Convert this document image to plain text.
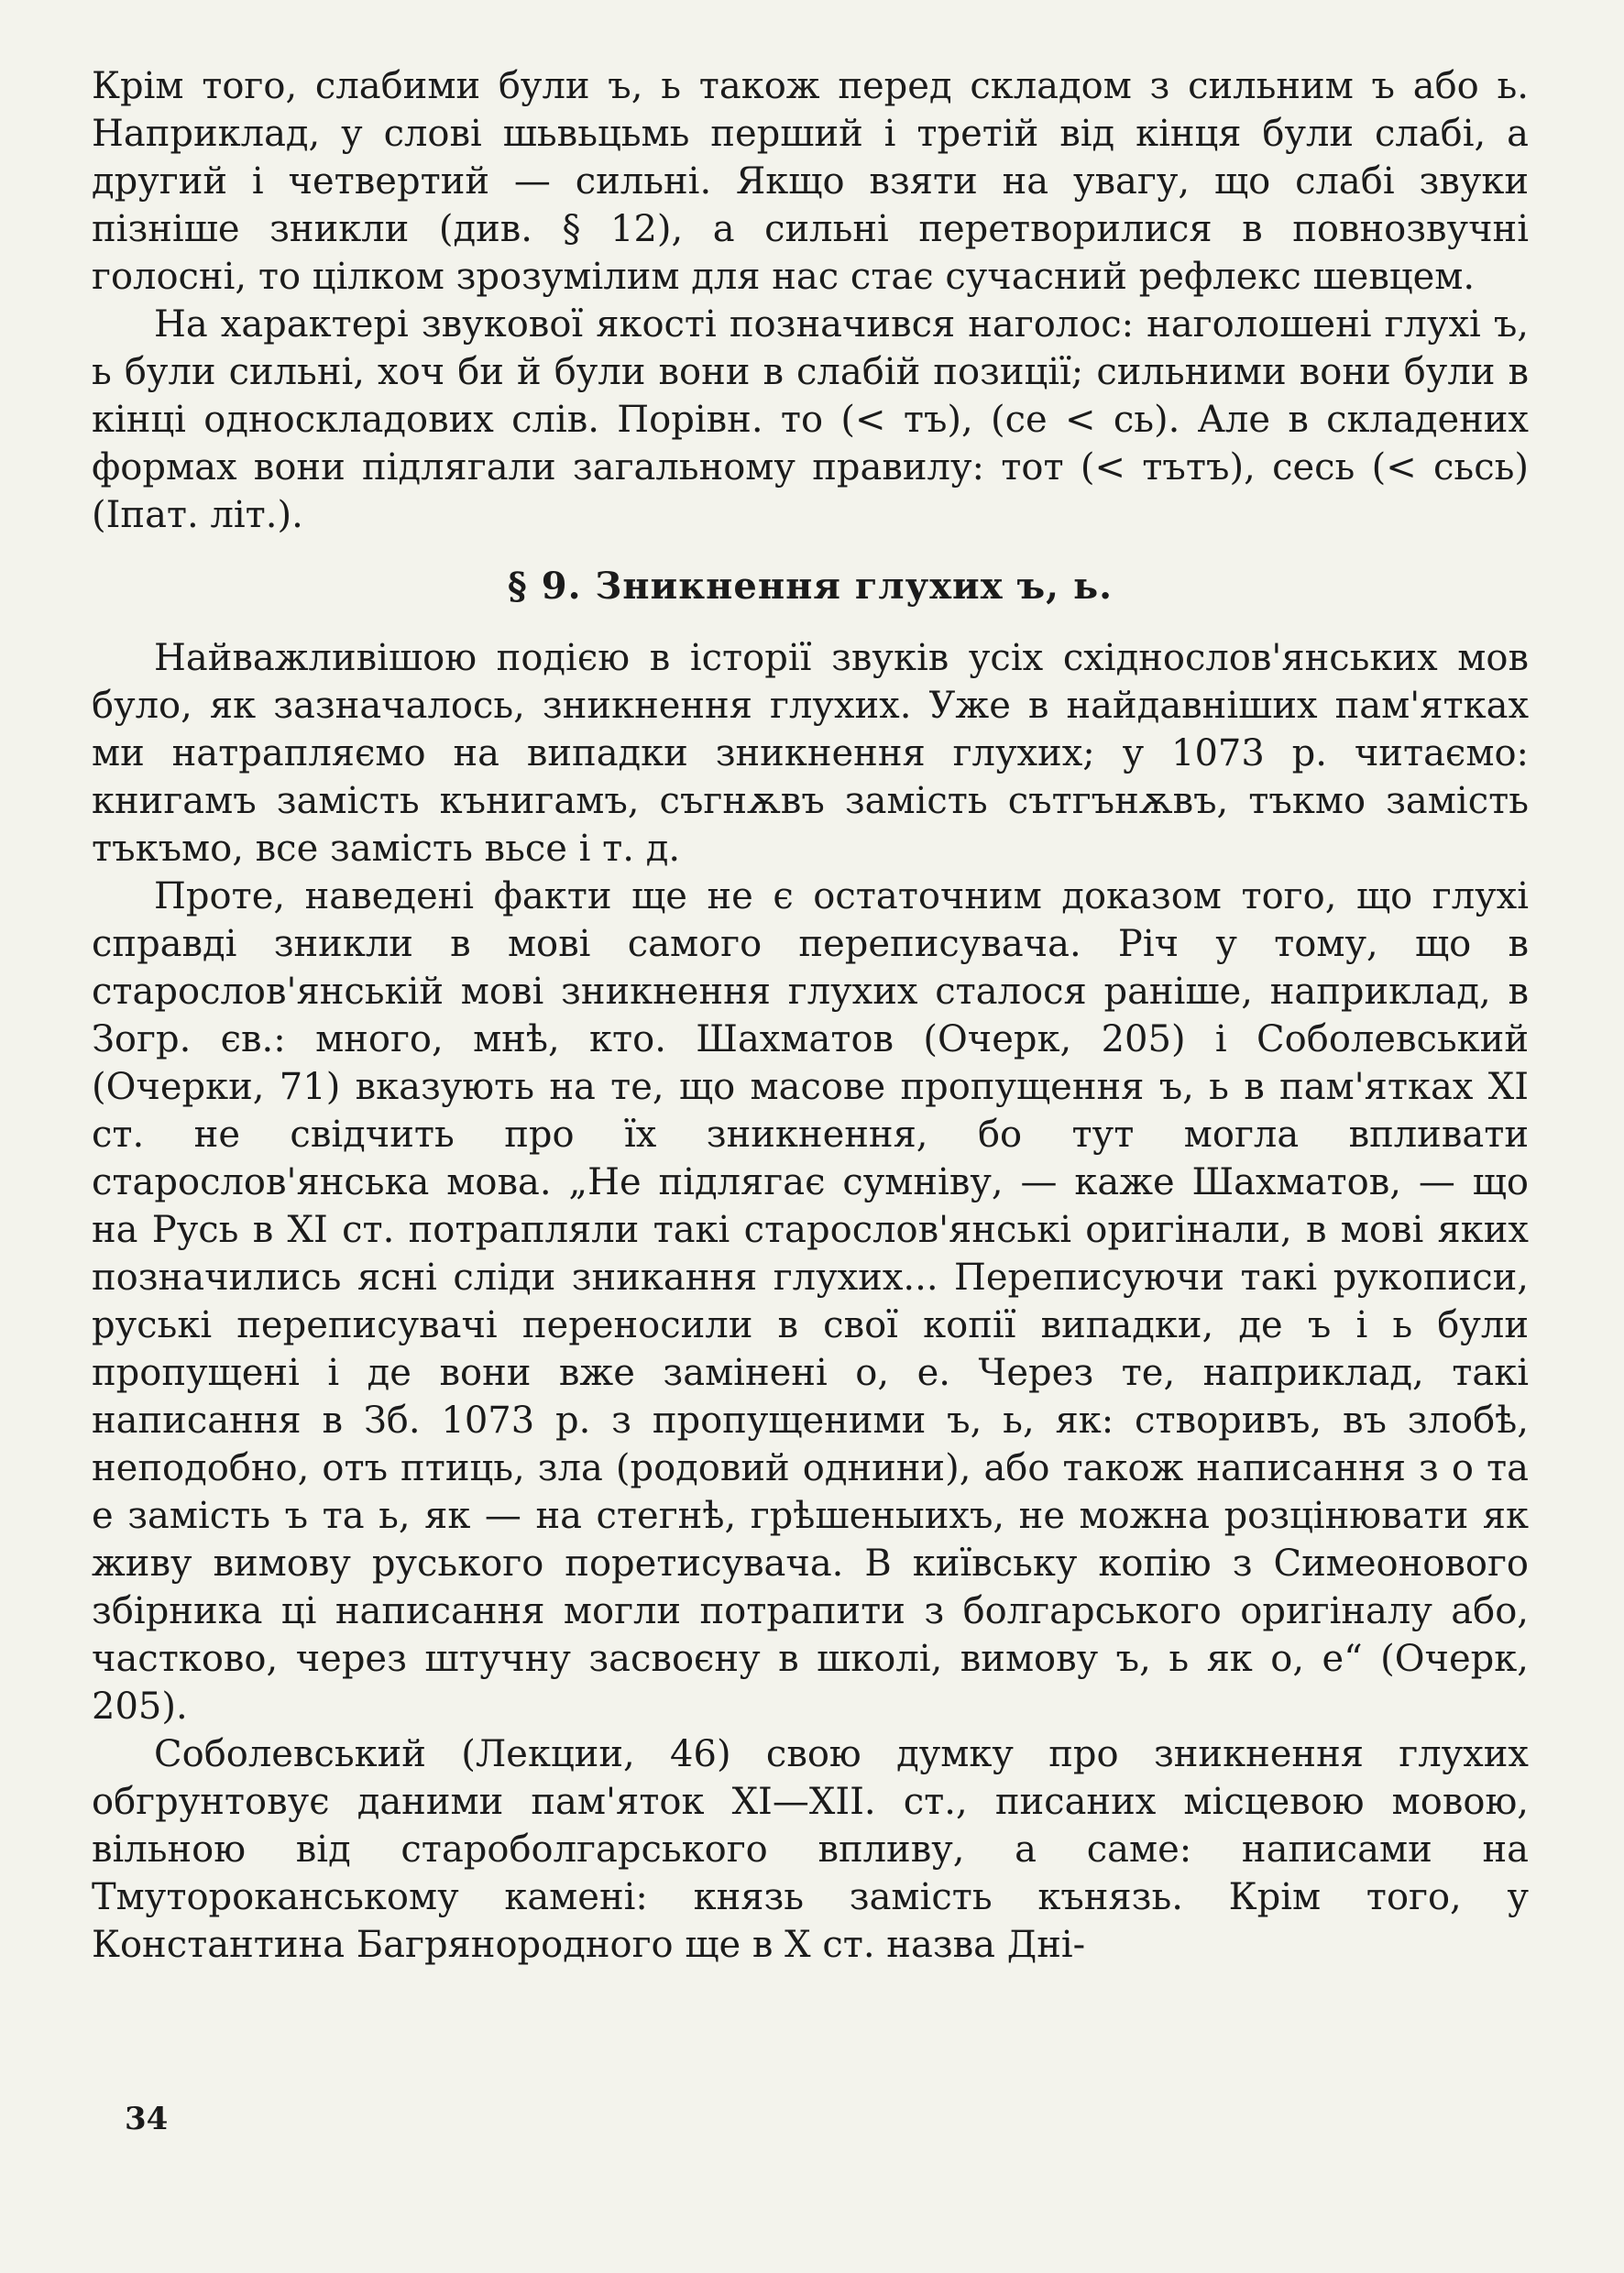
Крім того, слабими були ъ, ь також перед складом з сильним ъ або ь. Наприклад, у слові шьвьцьмь перший і третій від кінця були слабі, а другий і четвертий — сильні. Якщо взяти на увагу, що слабі звуки пізніше зникли (див. § 12), а сильні перетворилися в повнозвучні голосні, то цілком зрозумілим для нас стає сучасний рефлекс шевцем.

На характері звукової якості позначився наголос: наголошені глухі ъ, ь були сильні, хоч би й були вони в слабій позиції; сильними вони були в кінці односкладових слів. Порівн. то (< тъ), (се < сь). Але в складених формах вони підлягали загальному правилу: тот (< тътъ), сесь (< сьсь) (Іпат. літ.).

§ 9. Зникнення глухих ъ, ь.

Найважливішою подією в історії звуків усіх східнослов'янських мов було, як зазначалось, зникнення глухих. Уже в найдавніших пам'ятках ми натрапляємо на випадки зникнення глухих; у 1073 р. читаємо: книгамъ замість кънигамъ, съгнѫвъ замість сътгънѫвъ, тъкмо замість тъкъмо, все замість вьсе і т. д.

Проте, наведені факти ще не є остаточним доказом того, що глухі справді зникли в мові самого переписувача. Річ у тому, що в старослов'янській мові зникнення глухих сталося раніше, наприклад, в Зогр. єв.: много, мнѣ, кто. Шахматов (Очерк, 205) і Соболевський (Очерки, 71) вказують на те, що масове пропущення ъ, ь в пам'ятках XI ст. не свідчить про їх зникнення, бо тут могла впливати старослов'янська мова. „Не підлягає сумніву, — каже Шахматов, — що на Русь в XI ст. потрапляли такі старослов'янські оригінали, в мові яких позначились ясні сліди зникання глухих... Переписуючи такі рукописи, руські переписувачі переносили в свої копії випадки, де ъ і ь були пропущені і де вони вже замінені о, е. Через те, наприклад, такі написання в Зб. 1073 р. з пропущеними ъ, ь, як: створивъ, въ злобѣ, неподобно, отъ птиць, зла (родовий однини), або також написання з о та е замість ъ та ь, як — на стегнѣ, грѣшеныихъ, не можна розцінювати як живу вимову руського поретисувача. В київську копію з Симеонового збірника ці написання могли потрапити з болгарського оригіналу або, частково, через штучну засвоєну в школі, вимову ъ, ь як о, е“ (Очерк, 205).

Соболевський (Лекции, 46) свою думку про зникнення глухих обгрунтовує даними пам'яток XI—XII. ст., писаних місцевою мовою, вільною від староболгарського впливу, а саме: написами на Тмутороканському камені: князь замість кънязь. Крім того, у Константина Багрянородного ще в X ст. назва Дні-

34
